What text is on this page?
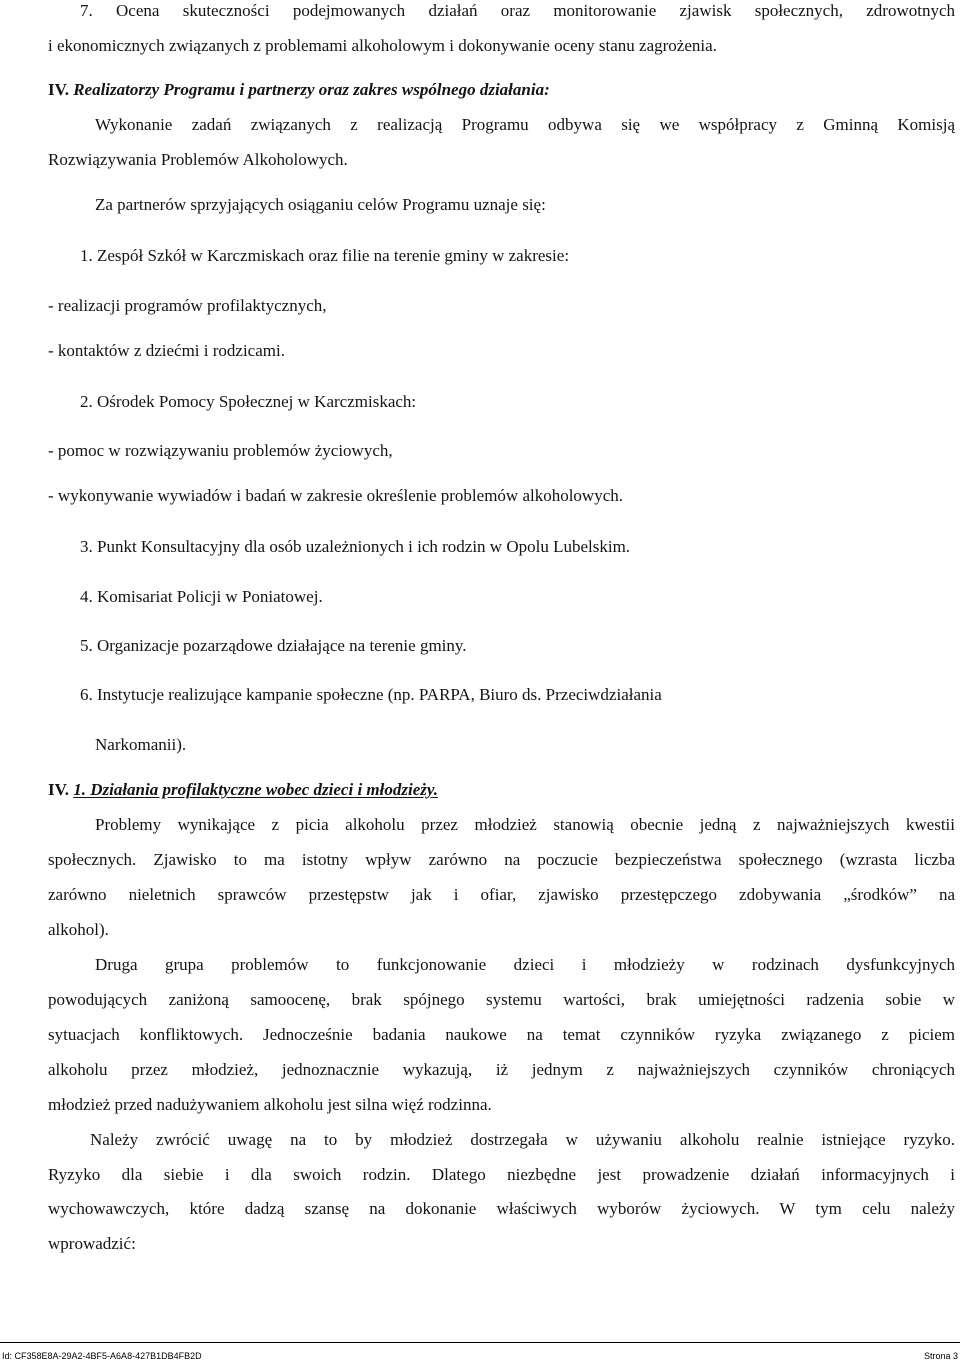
7. Ocena skuteczności podejmowanych działań oraz monitorowanie zjawisk społecznych, zdrowotnych
i ekonomicznych związanych z problemami alkoholowym i dokonywanie oceny stanu zagrożenia.
IV. Realizatorzy Programu i partnerzy oraz zakres wspólnego działania:
Wykonanie zadań związanych z realizacją Programu odbywa się we współpracy z Gminną Komisją
Rozwiązywania Problemów Alkoholowych.
Za partnerów sprzyjających osiąganiu celów Programu uznaje się:
1. Zespół Szkół w Karczmiskach oraz filie na terenie gminy w zakresie:
- realizacji programów profilaktycznych,
- kontaktów z dziećmi i rodzicami.
2. Ośrodek Pomocy Społecznej w Karczmiskach:
- pomoc w rozwiązywaniu problemów życiowych,
- wykonywanie wywiadów i badań w zakresie określenie problemów alkoholowych.
3. Punkt Konsultacyjny dla osób uzależnionych i ich rodzin w Opolu Lubelskim.
4. Komisariat Policji w Poniatowej.
5. Organizacje pozarządowe działające na terenie gminy.
6. Instytucje realizujące kampanie społeczne (np. PARPA, Biuro ds. Przeciwdziałania
Narkomanii).
IV. 1. Działania profilaktyczne wobec dzieci i młodzieży.
Problemy wynikające z picia alkoholu przez młodzież stanowią obecnie jedną z najważniejszych kwestii
społecznych. Zjawisko to ma istotny wpływ zarówno na poczucie bezpieczeństwa społecznego (wzrasta liczba
zarówno nieletnich sprawców przestępstw jak i ofiar, zjawisko przestępczego zdobywania „środków” na
alkohol).
Druga grupa problemów to funkcjonowanie dzieci i młodzieży w rodzinach dysfunkcyjnych
powodujących zaniżoną samoocenę, brak spójnego systemu wartości, brak umiejętności radzenia sobie w
sytuacjach konfliktowych. Jednocześnie badania naukowe na temat czynników ryzyka związanego z piciem
alkoholu przez młodzież, jednoznacznie wykazują, iż jednym z najważniejszych czynników chroniących
młodzież przed nadużywaniem alkoholu jest silna więź rodzinna.
Należy zwrócić uwagę na to by młodzież dostrzegała w używaniu alkoholu realnie istniejące ryzyko.
Ryzyko dla siebie i dla swoich rodzin. Dlatego niezbędne jest prowadzenie działań informacyjnych i
wychowawczych, które dadzą szansę na dokonanie właściwych wyborów życiowych. W tym celu należy
wprowadzić:
Id: CF358E8A-29A2-4BF5-A6A8-427B1DB4FB2D	Strona 3
